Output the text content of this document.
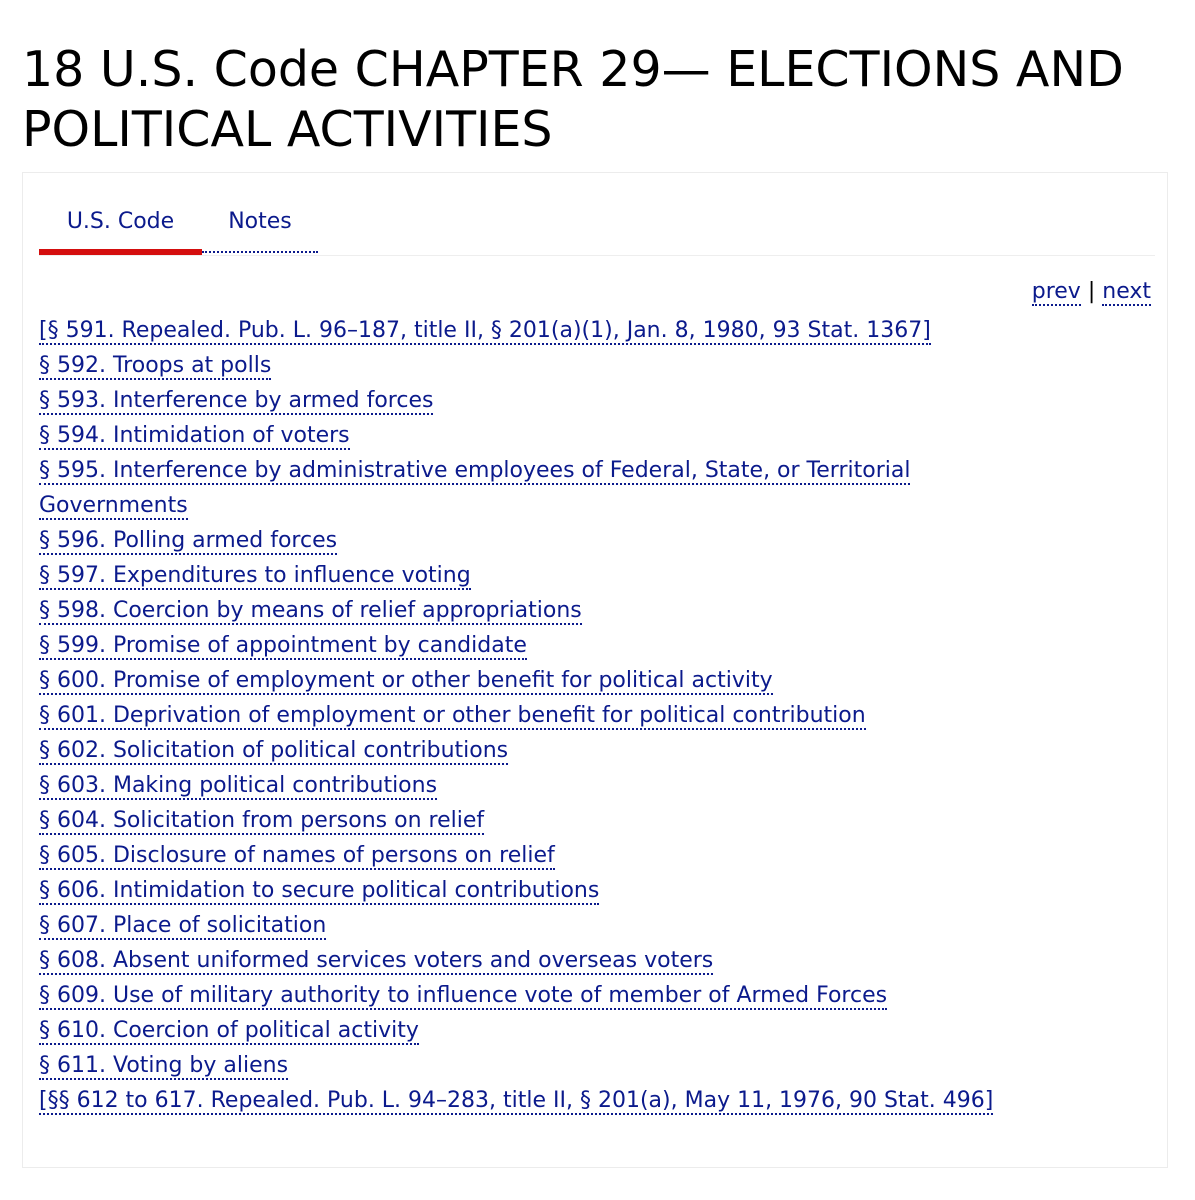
18 U.S. Code CHAPTER 29— ELECTIONS AND POLITICAL ACTIVITIES
U.S. Code	Notes
prev | next
[§ 591. Repealed. Pub. L. 96–187, title II, § 201(a)(1), Jan. 8, 1980, 93 Stat. 1367]
§ 592. Troops at polls
§ 593. Interference by armed forces
§ 594. Intimidation of voters
§ 595. Interference by administrative employees of Federal, State, or Territorial Governments
§ 596. Polling armed forces
§ 597. Expenditures to influence voting
§ 598. Coercion by means of relief appropriations
§ 599. Promise of appointment by candidate
§ 600. Promise of employment or other benefit for political activity
§ 601. Deprivation of employment or other benefit for political contribution
§ 602. Solicitation of political contributions
§ 603. Making political contributions
§ 604. Solicitation from persons on relief
§ 605. Disclosure of names of persons on relief
§ 606. Intimidation to secure political contributions
§ 607. Place of solicitation
§ 608. Absent uniformed services voters and overseas voters
§ 609. Use of military authority to influence vote of member of Armed Forces
§ 610. Coercion of political activity
§ 611. Voting by aliens
[§§ 612 to 617. Repealed. Pub. L. 94–283, title II, § 201(a), May 11, 1976, 90 Stat. 496]
